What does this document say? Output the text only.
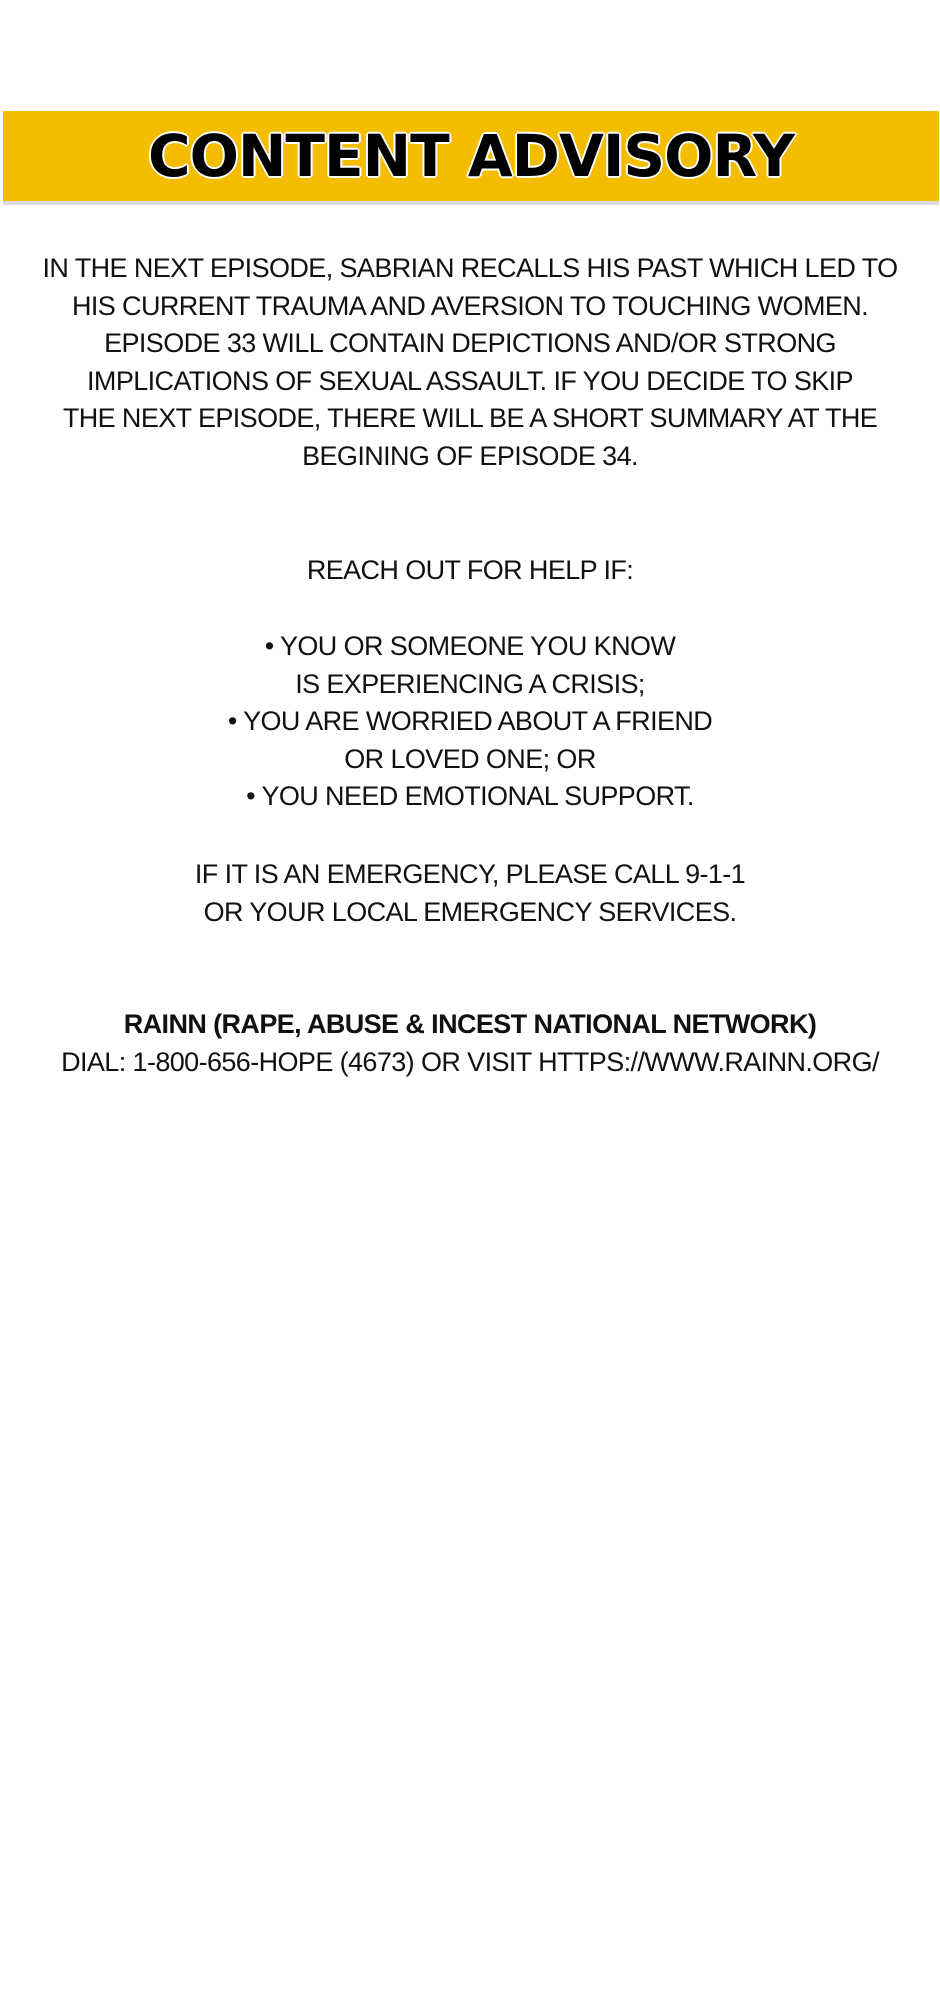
CONTENT ADVISORY
IN THE NEXT EPISODE, SABRIAN RECALLS HIS PAST WHICH LED TO
HIS CURRENT TRAUMA AND AVERSION TO TOUCHING WOMEN.
EPISODE 33 WILL CONTAIN DEPICTIONS AND/OR STRONG
IMPLICATIONS OF SEXUAL ASSAULT. IF YOU DECIDE TO SKIP
THE NEXT EPISODE, THERE WILL BE A SHORT SUMMARY AT THE
BEGINING OF EPISODE 34.
REACH OUT FOR HELP IF:
• YOU OR SOMEONE YOU KNOW
IS EXPERIENCING A CRISIS;
• YOU ARE WORRIED ABOUT A FRIEND
OR LOVED ONE; OR
• YOU NEED EMOTIONAL SUPPORT.
IF IT IS AN EMERGENCY, PLEASE CALL 9-1-1
OR YOUR LOCAL EMERGENCY SERVICES.
RAINN (RAPE, ABUSE & INCEST NATIONAL NETWORK)
DIAL: 1-800-656-HOPE (4673) OR VISIT HTTPS://WWW.RAINN.ORG/
